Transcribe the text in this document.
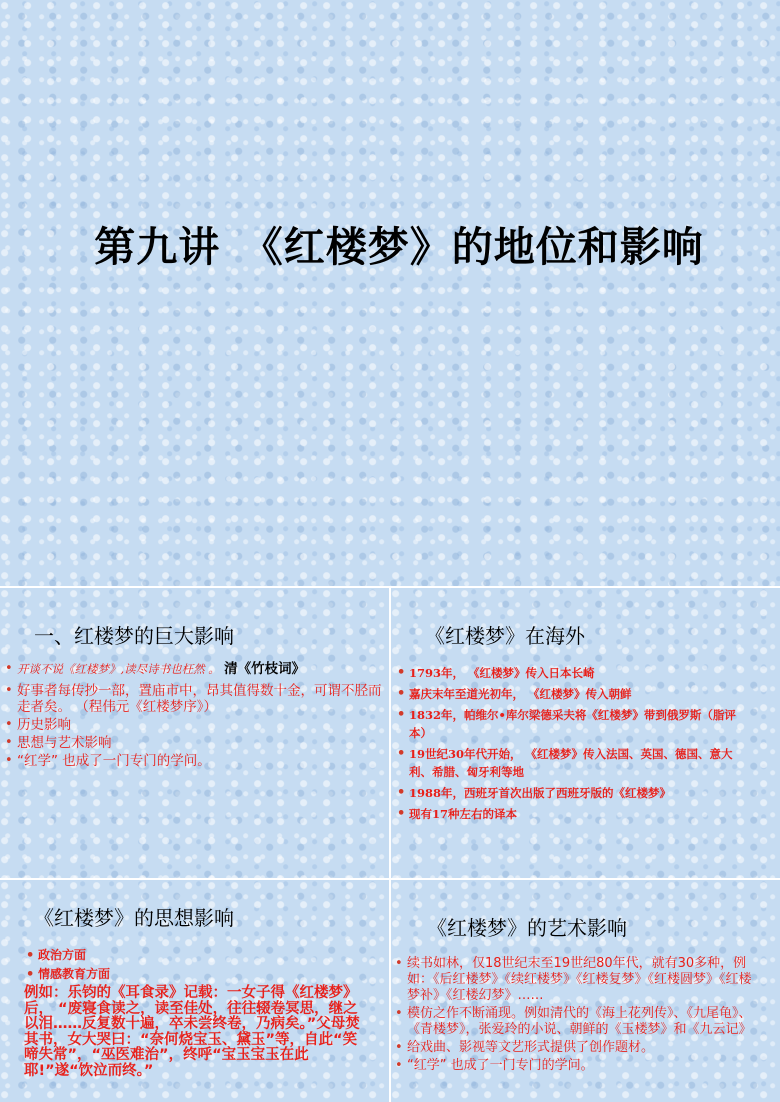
第九讲　《红楼梦》的地位和影响
一、红楼梦的巨大影响
• 开谈不说《红楼梦》,读尽诗书也枉然 。 清《竹枝词》
• 好事者每传抄一部，置庙市中，昂其值得数十金，可谓不胫而走者矣。 （程伟元《红楼梦序》）
• 历史影响
• 思想与艺术影响
• “红学” 也成了一门专门的学问。
《红楼梦》在海外
• 1793年， 《红楼梦》传入日本长崎
• 嘉庆末年至道光初年， 《红楼梦》传入朝鲜
• 1832年，帕维尔•库尔梁德采夫将《红楼梦》带到俄罗斯（脂评本）
• 19世纪30年代开始， 《红楼梦》传入法国、英国、德国、意大利、希腊、匈牙利等地
• 1988年，西班牙首次出版了西班牙版的《红楼梦》
• 现有17种左右的译本
《红楼梦》的思想影响
• 政治方面
• 情感教育方面
例如：乐钧的《耳食录》记载：一女子得《红楼梦》后， “废寝食读之，读至佳处，往往辍卷冥思，继之以泪……反复数十遍，卒未尝终卷，乃病矣。”父母焚其书，女大哭曰：“奈何烧宝玉、黛玉”等，自此“笑啼失常”，“巫医难治”，终呼“宝玉宝玉在此耶!”遂“饮泣而终。”
《红楼梦》的艺术影响
• 续书如林，仅18世纪末至19世纪80年代，就有30多种，例如：《后红楼梦》《续红楼梦》《红楼复梦》《红楼圆梦》《红楼梦补》《红楼幻梦》……
• 模仿之作不断涌现。例如清代的《海上花列传》、《九尾龟》、《青楼梦》，张爱玲的小说、朝鲜的《玉楼梦》和《九云记》
• 给戏曲、影视等文艺形式提供了创作题材。
• “红学” 也成了一门专门的学问。
